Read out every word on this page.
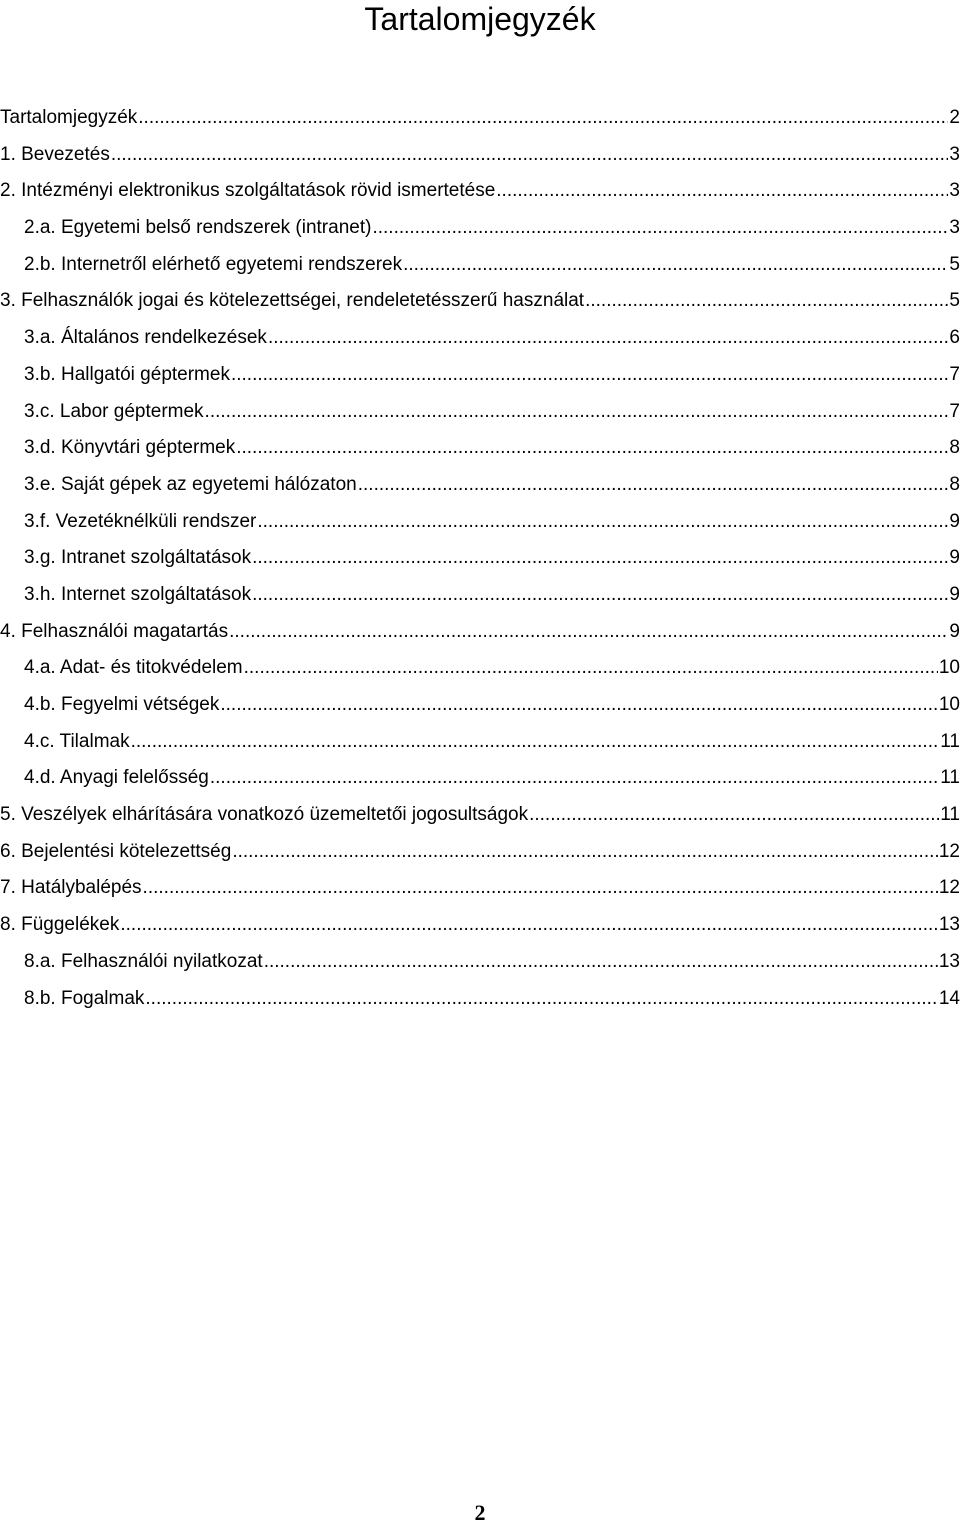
Tartalomjegyzék
Tartalomjegyzék .....	2
1. Bevezetés .....	3
2. Intézményi elektronikus szolgáltatások rövid ismertetése .....	3
2.a. Egyetemi belső rendszerek (intranet) .....	3
2.b. Internetről elérhető egyetemi rendszerek .....	5
3. Felhasználók jogai és kötelezettségei, rendeletetésszerű használat .....	5
3.a. Általános rendelkezések .....	6
3.b. Hallgatói géptermek .....	7
3.c. Labor géptermek .....	7
3.d. Könyvtári géptermek .....	8
3.e. Saját gépek az egyetemi hálózaton .....	8
3.f. Vezetéknélküli rendszer .....	9
3.g. Intranet szolgáltatások .....	9
3.h. Internet szolgáltatások .....	9
4. Felhasználói magatartás .....	9
4.a. Adat- és titokvédelem .....	10
4.b. Fegyelmi vétségek .....	10
4.c. Tilalmak .....	11
4.d. Anyagi felelősség .....	11
5. Veszélyek elhárítására vonatkozó üzemeltetői jogosultságok .....	11
6. Bejelentési kötelezettség .....	12
7. Hatálybalépés .....	12
8. Függelékek .....	13
8.a. Felhasználói nyilatkozat .....	13
8.b. Fogalmak .....	14
2
